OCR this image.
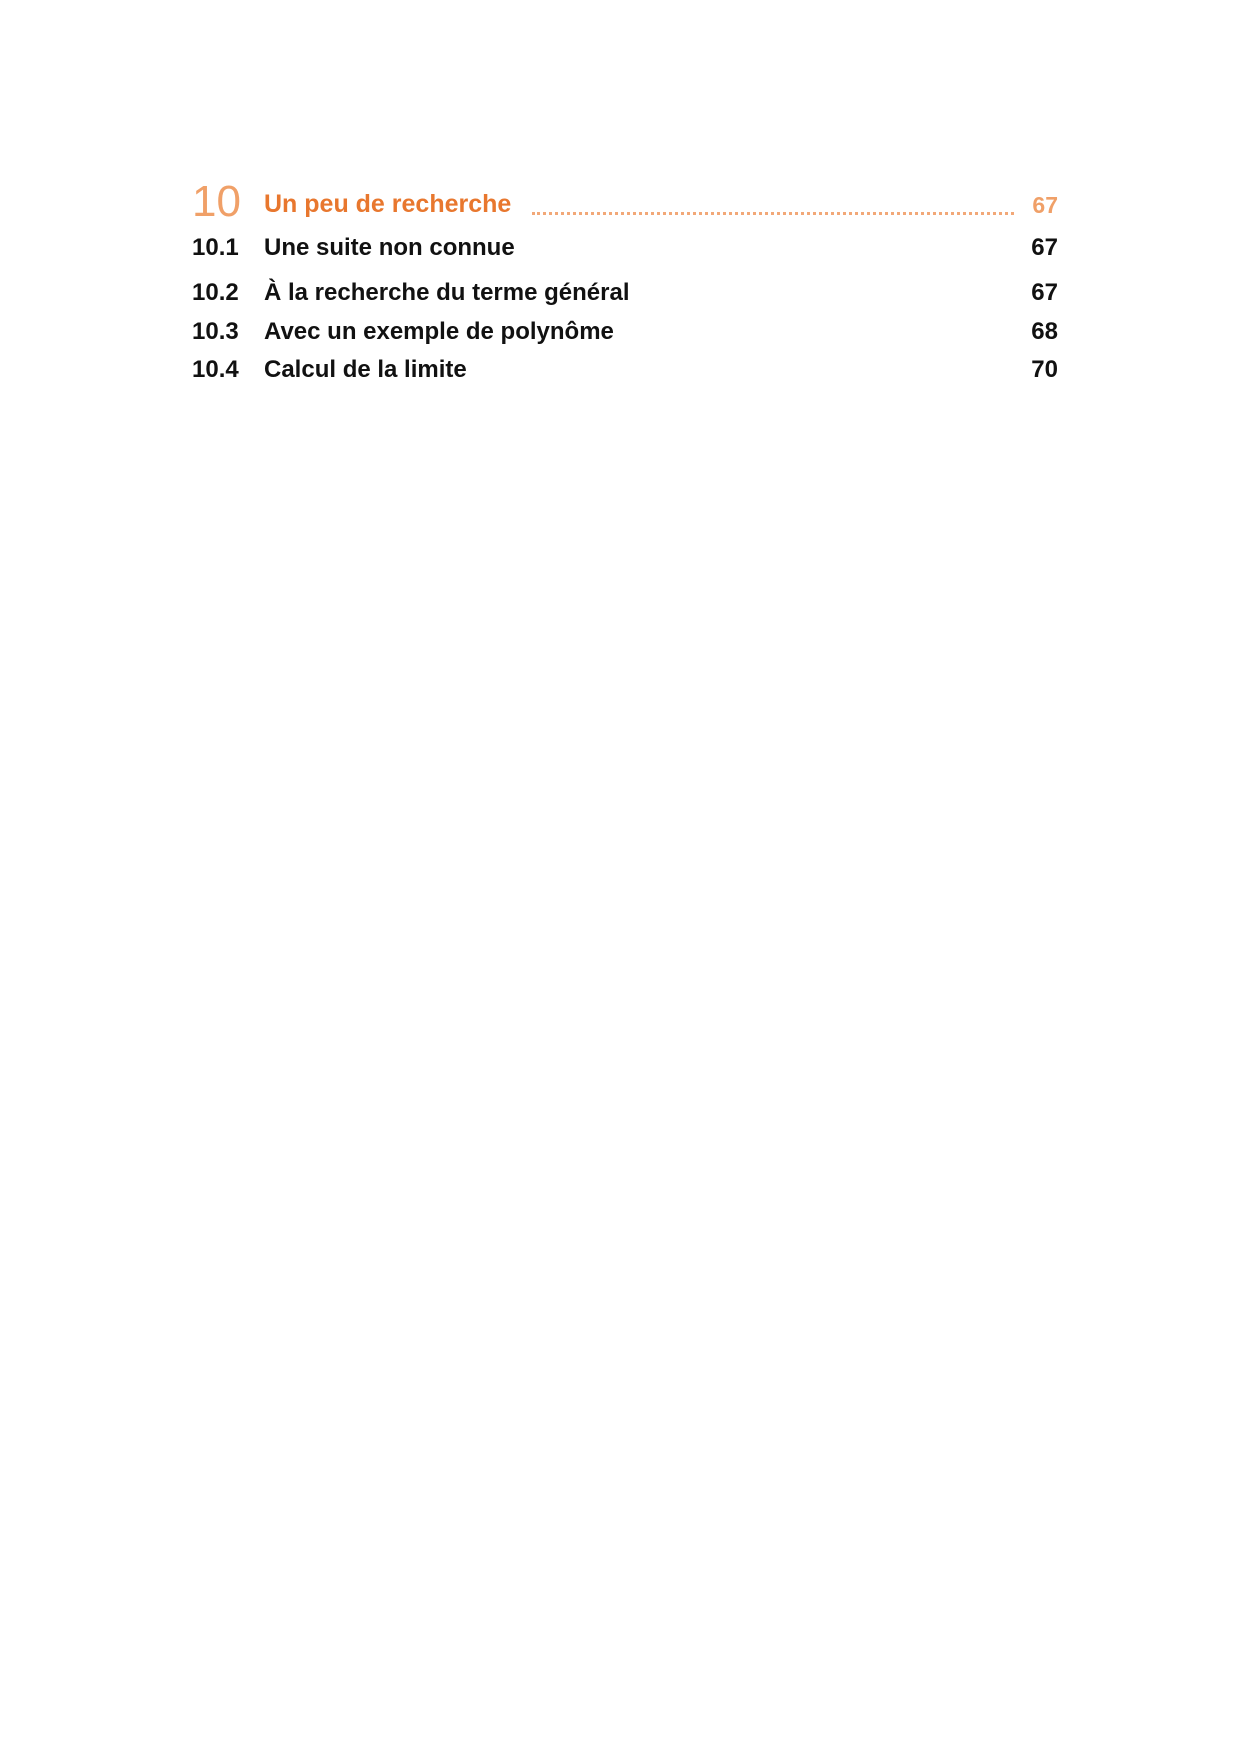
10 Un peu de recherche	67
10.1 Une suite non connue	67
10.2 À la recherche du terme général	67
10.3 Avec un exemple de polynôme	68
10.4 Calcul de la limite	70
